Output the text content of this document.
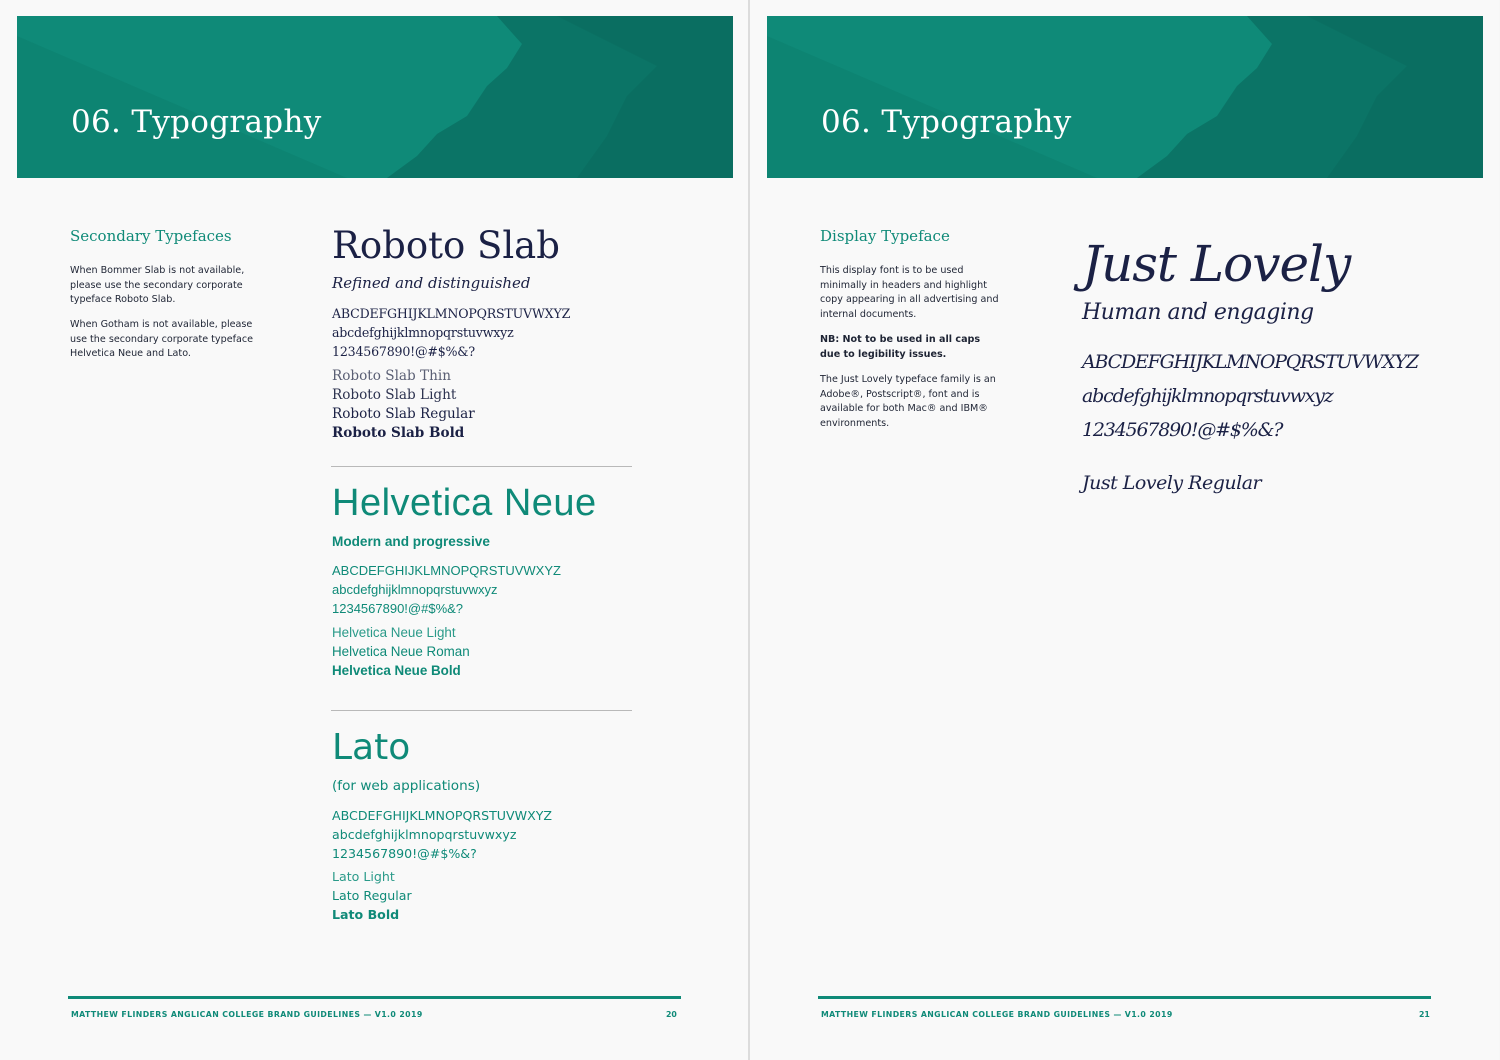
06. Typography
Secondary Typefaces
When Bommer Slab is not available, please use the secondary corporate typeface Roboto Slab.
When Gotham is not available, please use the secondary corporate typeface Helvetica Neue and Lato.
Roboto Slab
Refined and distinguished
ABCDEFGHIJKLMNOPQRSTUVWXYZ
abcdefghijklmnopqrstuvwxyz
1234567890!@#$%&?
Roboto Slab Thin
Roboto Slab Light
Roboto Slab Regular
Roboto Slab Bold
Helvetica Neue
Modern and progressive
ABCDEFGHIJKLMNOPQRSTUVWXYZ
abcdefghijklmnopqrstuvwxyz
1234567890!@#$%&?
Helvetica Neue Light
Helvetica Neue Roman
Helvetica Neue Bold
Lato
(for web applications)
ABCDEFGHIJKLMNOPQRSTUVWXYZ
abcdefghijklmnopqrstuvwxyz
1234567890!@#$%&?
Lato Light
Lato Regular
Lato Bold
MATTHEW FLINDERS ANGLICAN COLLEGE BRAND GUIDELINES — V1.0 2019	20
06. Typography
Display Typeface
This display font is to be used minimally in headers and highlight copy appearing in all advertising and internal documents.
NB: Not to be used in all caps due to legibility issues.
The Just Lovely typeface family is an Adobe®, Postscript®, font and is available for both Mac® and IBM® environments.
Just Lovely
Human and engaging
ABCDEFGHIJKLMNOPQRSTUVWXYZ
abcdefghijklmnopqrstuvwxyz
1234567890!@#$%&?
Just Lovely Regular
MATTHEW FLINDERS ANGLICAN COLLEGE BRAND GUIDELINES — V1.0 2019	21
